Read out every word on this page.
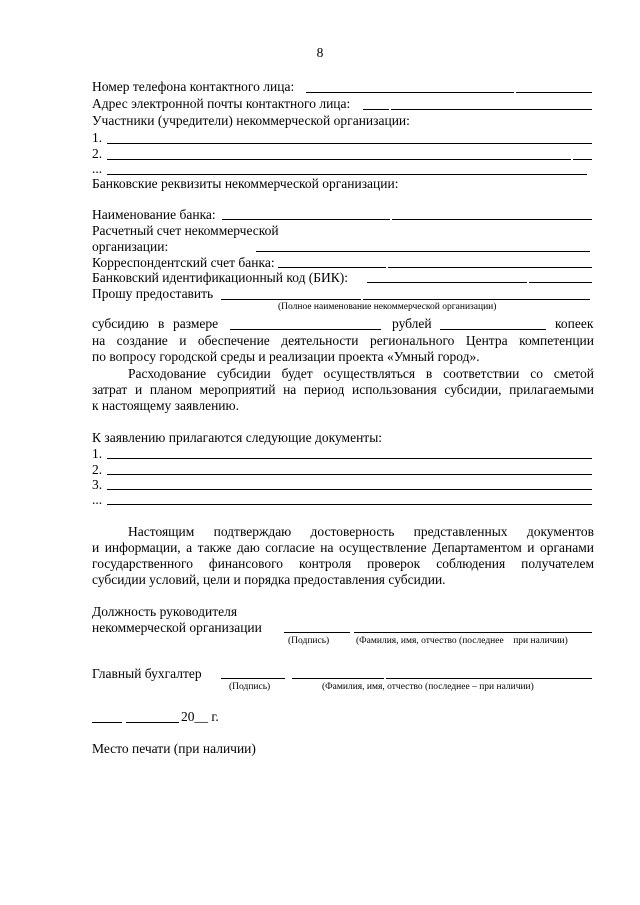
8
Номер телефона контактного лица:
Адрес электронной почты контактного лица:
Участники (учредители) некоммерческой организации:
1.
2.
...
Банковские реквизиты некоммерческой организации:
Наименование банка:
Расчетный счет некоммерческой
организации:
Корреспондентский счет банка:
Банковский идентификационный код (БИК):
Прошу предоставить
(Полное наименование некоммерческой организации)
субсидию в размере	рублей	копеек
на создание и обеспечение деятельности регионального Центра компетенции
по вопросу городской среды и реализации проекта «Умный город».
Расходование субсидии будет осуществляться в соответствии со сметой
затрат и планом мероприятий на период использования субсидии, прилагаемыми
к настоящему заявлению.
К заявлению прилагаются следующие документы:
1.
2.
3.
...
Настоящим подтверждаю достоверность представленных документов
и информации, а также даю согласие на осуществление Департаментом и органами
государственного финансового контроля проверок соблюдения получателем
субсидии условий, цели и порядка предоставления субсидии.
Должность руководителя
некоммерческой организации
(Подпись)	(Фамилия, имя, отчество (последнее    при наличии)
Главный бухгалтер
(Подпись)	(Фамилия, имя, отчество (последнее – при наличии)
20__ г.
Место печати (при наличии)
